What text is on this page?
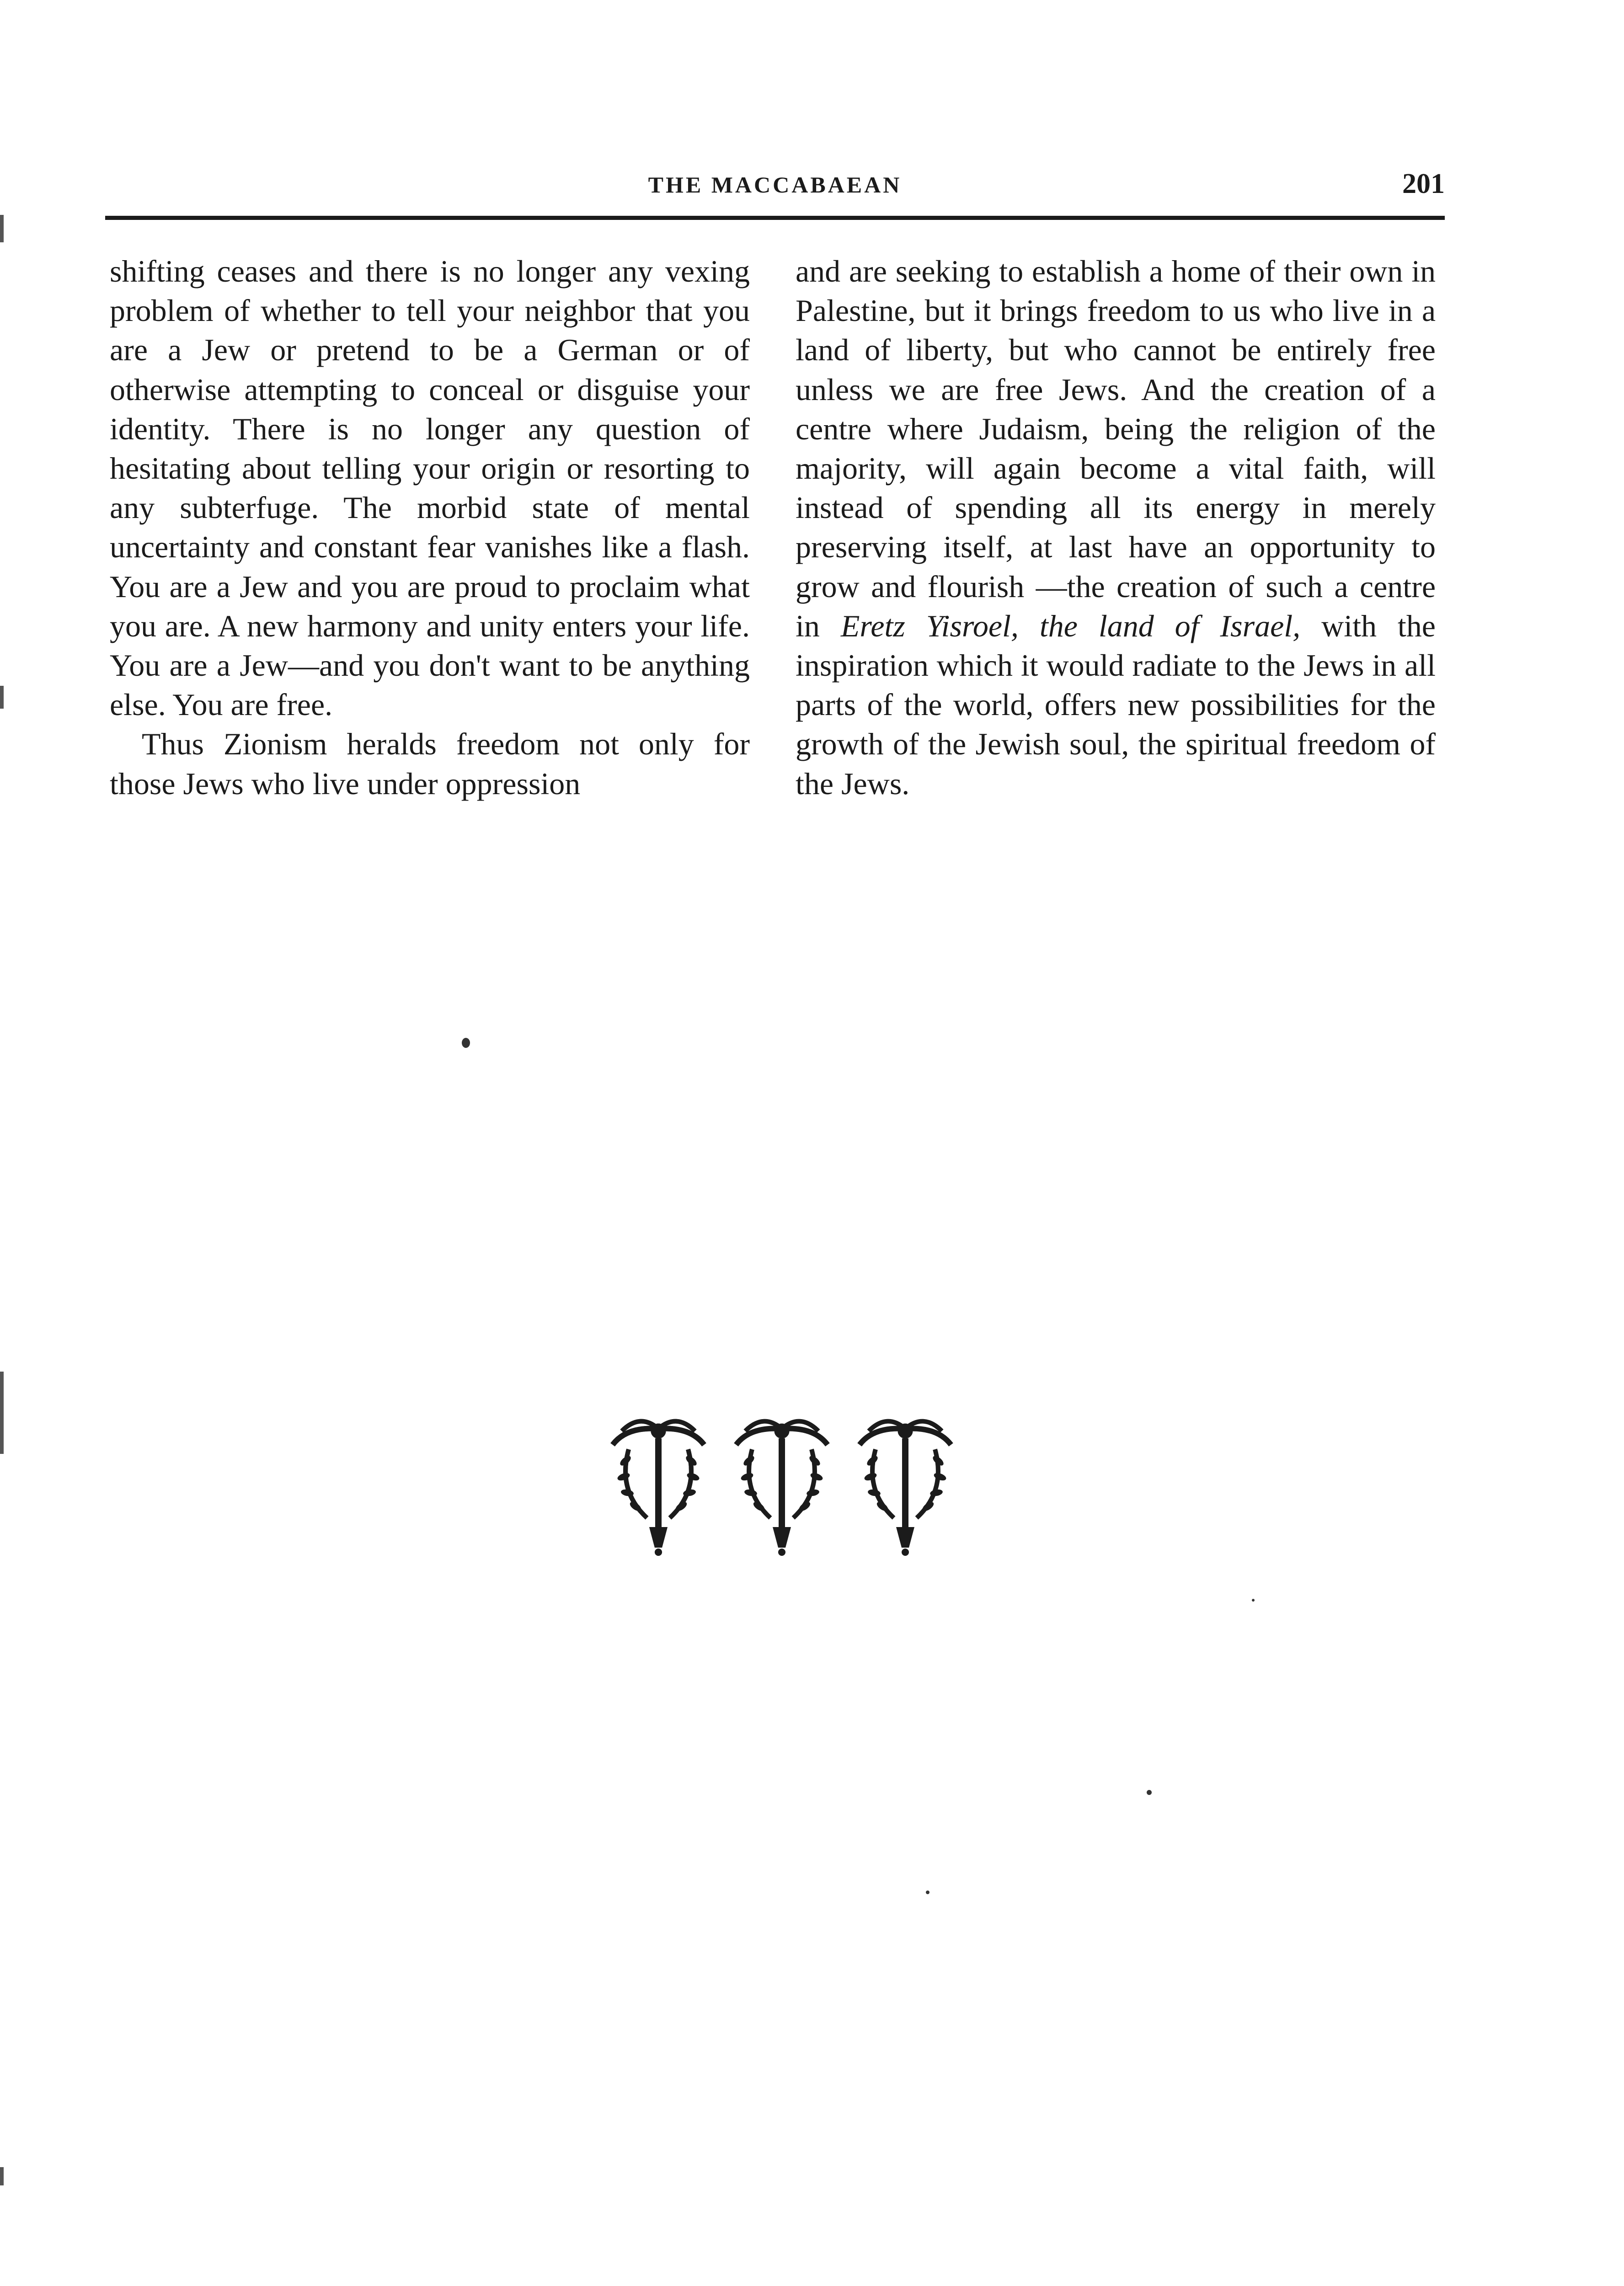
THE MACCABAEAN	201

shifting ceases and there is no longer any vexing problem of whether to tell your neighbor that you are a Jew or pretend to be a German or of otherwise attempting to conceal or disguise your identity. There is no longer any question of hesitating about telling your origin or resorting to any subterfuge. The morbid state of mental uncertainty and constant fear vanishes like a flash. You are a Jew and you are proud to proclaim what you are. A new harmony and unity enters your life. You are a Jew—and you don't want to be anything else. You are free.

Thus Zionism heralds freedom not only for those Jews who live under oppression

and are seeking to establish a home of their own in Palestine, but it brings freedom to us who live in a land of liberty, but who cannot be entirely free unless we are free Jews. And the creation of a centre where Judaism, being the religion of the majority, will again become a vital faith, will instead of spending all its energy in merely preserving itself, at last have an opportunity to grow and flourish —the creation of such a centre in Eretz Yisroel, the land of Israel, with the inspiration which it would radiate to the Jews in all parts of the world, offers new possibilities for the growth of the Jewish soul, the spiritual freedom of the Jews.
